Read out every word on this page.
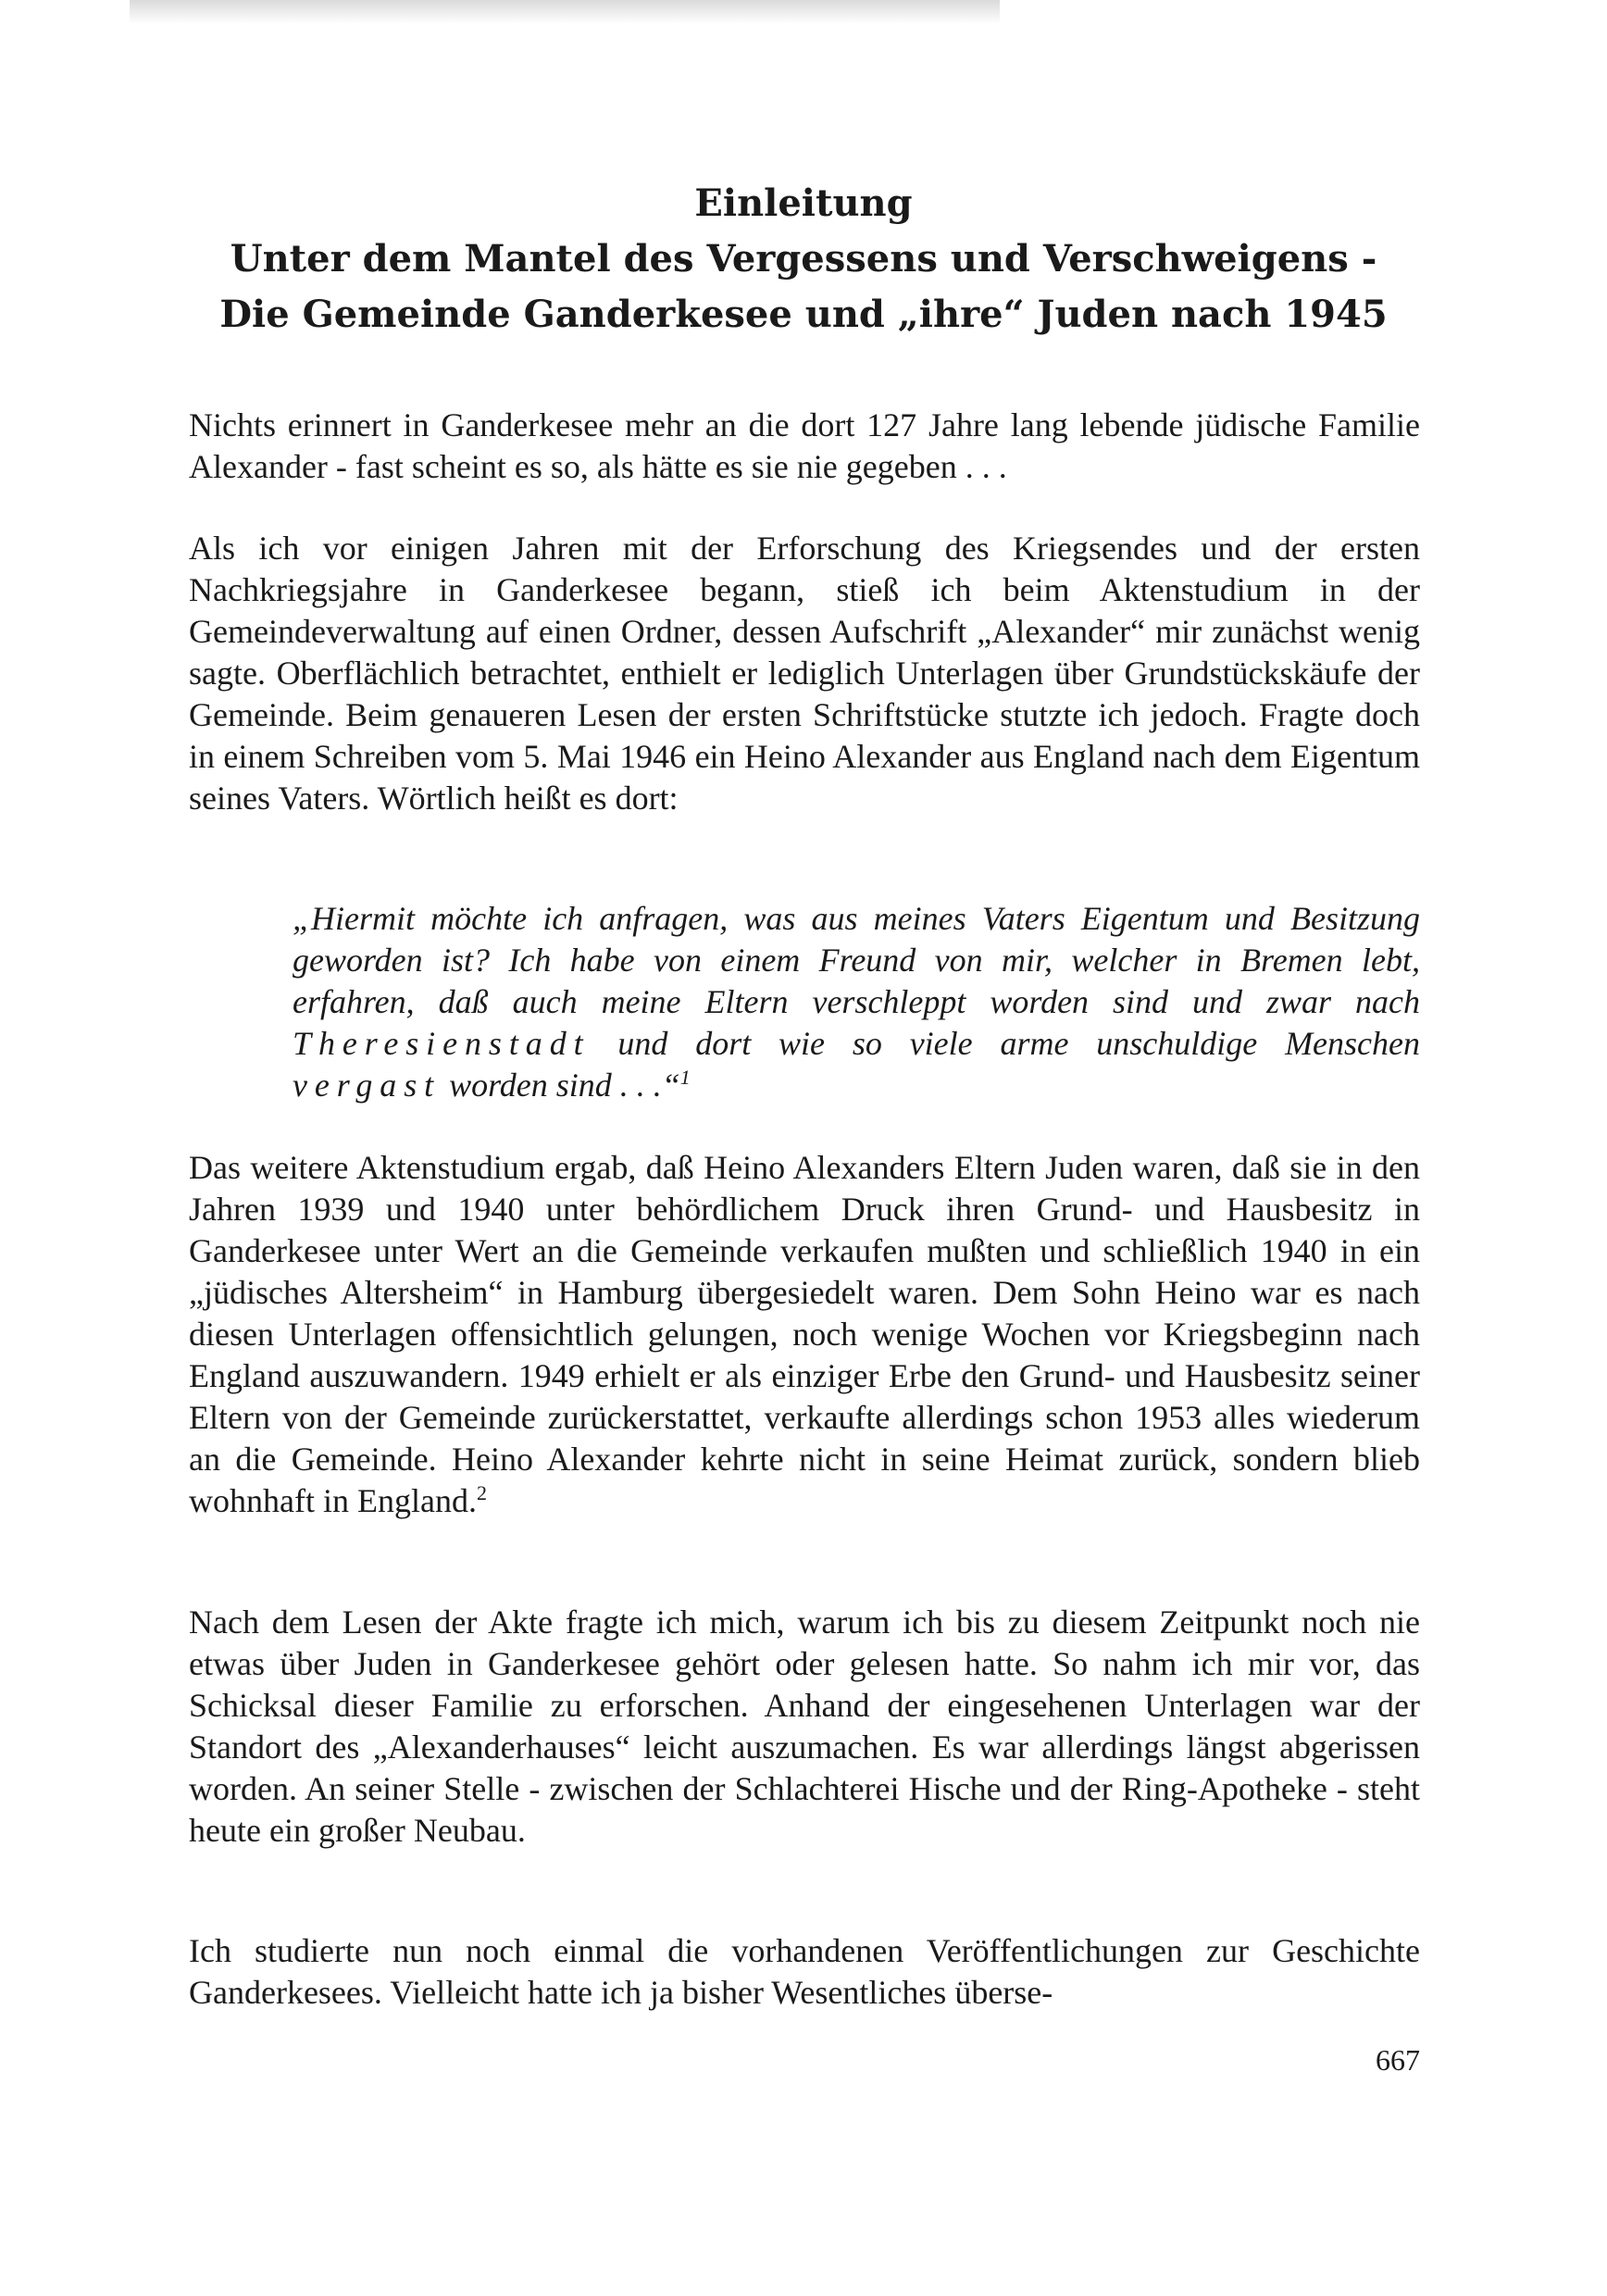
Einleitung
Unter dem Mantel des Vergessens und Verschweigens -
Die Gemeinde Ganderkesee und „ihre“ Juden nach 1945

Nichts erinnert in Ganderkesee mehr an die dort 127 Jahre lang lebende jüdische Familie Alexander - fast scheint es so, als hätte es sie nie gegeben . . .

Als ich vor einigen Jahren mit der Erforschung des Kriegsendes und der ersten Nachkriegsjahre in Ganderkesee begann, stieß ich beim Aktenstudium in der Gemeindeverwaltung auf einen Ordner, dessen Aufschrift „Alexander“ mir zunächst wenig sagte. Oberflächlich betrachtet, enthielt er lediglich Unterlagen über Grundstückskäufe der Gemeinde. Beim genaueren Lesen der ersten Schriftstücke stutzte ich jedoch. Fragte doch in einem Schreiben vom 5. Mai 1946 ein Heino Alexander aus England nach dem Eigentum seines Vaters. Wörtlich heißt es dort:

„Hiermit möchte ich anfragen, was aus meines Vaters Eigentum und Besitzung geworden ist? Ich habe von einem Freund von mir, welcher in Bremen lebt, erfahren, daß auch meine Eltern verschleppt worden sind und zwar nach Theresienstadt und dort wie so viele arme unschuldige Menschen vergast worden sind . . .“$^1$

Das weitere Aktenstudium ergab, daß Heino Alexanders Eltern Juden waren, daß sie in den Jahren 1939 und 1940 unter behördlichem Druck ihren Grund- und Hausbesitz in Ganderkesee unter Wert an die Gemeinde verkaufen mußten und schließlich 1940 in ein „jüdisches Altersheim“ in Hamburg übergesiedelt waren. Dem Sohn Heino war es nach diesen Unterlagen offensichtlich gelungen, noch wenige Wochen vor Kriegsbeginn nach England auszuwandern. 1949 erhielt er als einziger Erbe den Grund- und Hausbesitz seiner Eltern von der Gemeinde zurückerstattet, verkaufte allerdings schon 1953 alles wiederum an die Gemeinde. Heino Alexander kehrte nicht in seine Heimat zurück, sondern blieb wohnhaft in England.$^2$

Nach dem Lesen der Akte fragte ich mich, warum ich bis zu diesem Zeitpunkt noch nie etwas über Juden in Ganderkesee gehört oder gelesen hatte. So nahm ich mir vor, das Schicksal dieser Familie zu erforschen. Anhand der eingesehenen Unterlagen war der Standort des „Alexanderhauses“ leicht auszumachen. Es war allerdings längst abgerissen worden. An seiner Stelle - zwischen der Schlachterei Hische und der Ring-Apotheke - steht heute ein großer Neubau.

Ich studierte nun noch einmal die vorhandenen Veröffentlichungen zur Geschichte Ganderkesees. Vielleicht hatte ich ja bisher Wesentliches überse-

667
